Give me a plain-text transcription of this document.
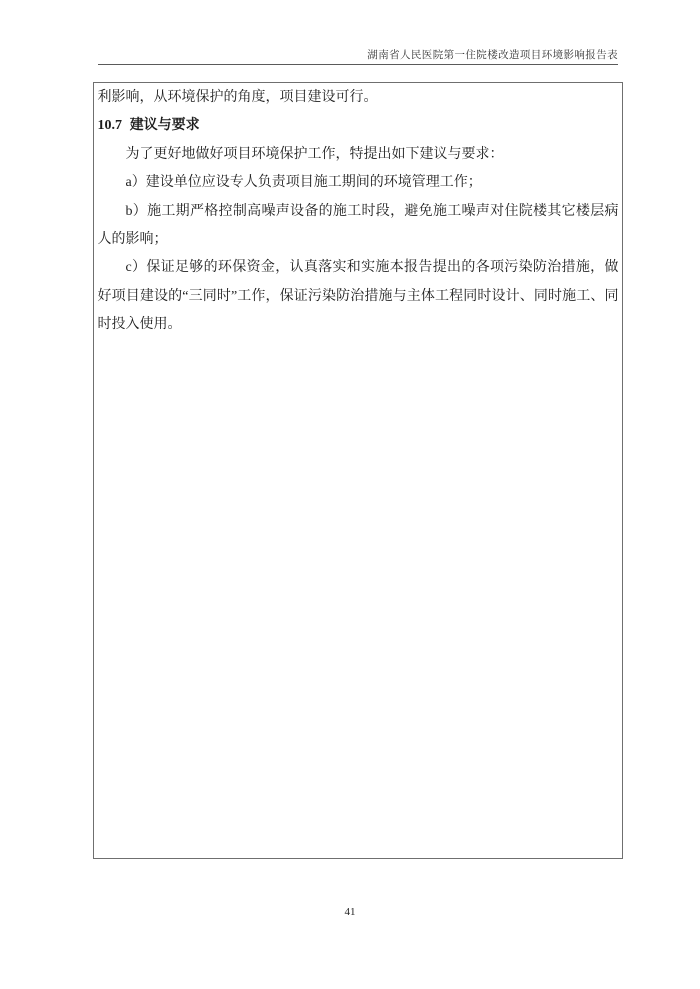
湖南省人民医院第一住院楼改造项目环境影响报告表

利影响，从环境保护的角度，项目建设可行。

10.7 建议与要求

为了更好地做好项目环境保护工作，特提出如下建议与要求：

a）建设单位应设专人负责项目施工期间的环境管理工作；

b）施工期严格控制高噪声设备的施工时段，避免施工噪声对住院楼其它楼层病人的影响；

c）保证足够的环保资金，认真落实和实施本报告提出的各项污染防治措施，做好项目建设的“三同时”工作，保证污染防治措施与主体工程同时设计、同时施工、同时投入使用。

41
